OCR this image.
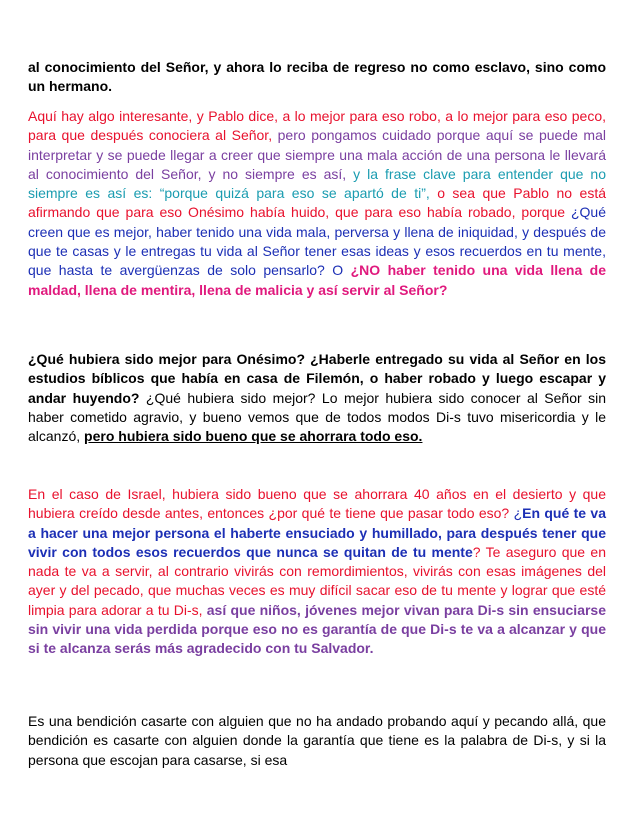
al conocimiento del Señor, y ahora lo reciba de regreso no como esclavo, sino como un hermano.

Aquí hay algo interesante, y Pablo dice, a lo mejor para eso robo, a lo mejor para eso peco, para que después conociera al Señor, pero pongamos cuidado porque aquí se puede mal interpretar y se puede llegar a creer que siempre una mala acción de una persona le llevará al conocimiento del Señor, y no siempre es así, y la frase clave para entender que no siempre es así es: “porque quizá para eso se apartó de ti”, o sea que Pablo no está afirmando que para eso Onésimo había huido, que para eso había robado, porque ¿Qué creen que es mejor, haber tenido una vida mala, perversa y llena de iniquidad, y después de que te casas y le entregas tu vida al Señor tener esas ideas y esos recuerdos en tu mente, que hasta te avergüenzas de solo pensarlo? O ¿NO haber tenido una vida llena de maldad, llena de mentira, llena de malicia y así servir al Señor?

¿Qué hubiera sido mejor para Onésimo? ¿Haberle entregado su vida al Señor en los estudios bíblicos que había en casa de Filemón, o haber robado y luego escapar y andar huyendo? ¿Qué hubiera sido mejor? Lo mejor hubiera sido conocer al Señor sin haber cometido agravio, y bueno vemos que de todos modos Di-s tuvo misericordia y le alcanzó, pero hubiera sido bueno que se ahorrara todo eso.

En el caso de Israel, hubiera sido bueno que se ahorrara 40 años en el desierto y que hubiera creído desde antes, entonces ¿por qué te tiene que pasar todo eso? ¿En qué te va a hacer una mejor persona el haberte ensuciado y humillado, para después tener que vivir con todos esos recuerdos que nunca se quitan de tu mente? Te aseguro que en nada te va a servir, al contrario vivirás con remordimientos, vivirás con esas imágenes del ayer y del pecado, que muchas veces es muy difícil sacar eso de tu mente y lograr que esté limpia para adorar a tu Di-s, así que niños, jóvenes mejor vivan para Di-s sin ensuciarse sin vivir una vida perdida porque eso no es garantía de que Di-s te va a alcanzar y que si te alcanza serás más agradecido con tu Salvador.

Es una bendición casarte con alguien que no ha andado probando aquí y pecando allá, que bendición es casarte con alguien donde la garantía que tiene es la palabra de Di-s, y si la persona que escojan para casarse, si esa
